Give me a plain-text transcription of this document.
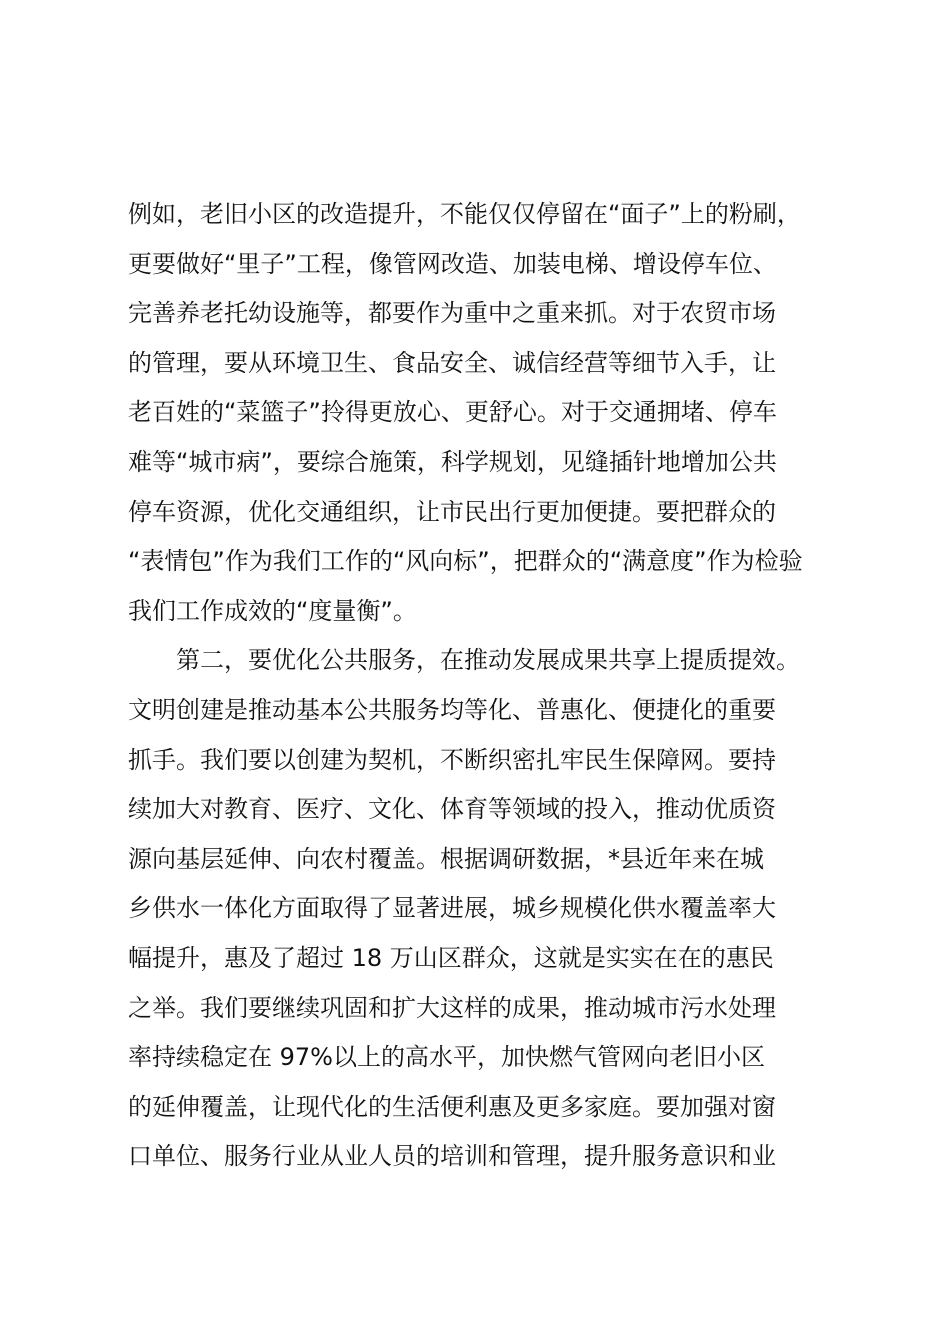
例如，老旧小区的改造提升，不能仅仅停留在“面子”上的粉刷，
更要做好“里子”工程，像管网改造、加装电梯、增设停车位、
完善养老托幼设施等，都要作为重中之重来抓。对于农贸市场
的管理，要从环境卫生、食品安全、诚信经营等细节入手，让
老百姓的“菜篮子”拎得更放心、更舒心。对于交通拥堵、停车
难等“城市病”，要综合施策，科学规划，见缝插针地增加公共
停车资源，优化交通组织，让市民出行更加便捷。要把群众的
“表情包”作为我们工作的“风向标”，把群众的“满意度”作为检验
我们工作成效的“度量衡”。
第二，要优化公共服务，在推动发展成果共享上提质提效。
文明创建是推动基本公共服务均等化、普惠化、便捷化的重要
抓手。我们要以创建为契机，不断织密扎牢民生保障网。要持
续加大对教育、医疗、文化、体育等领域的投入，推动优质资
源向基层延伸、向农村覆盖。根据调研数据，*县近年来在城
乡供水一体化方面取得了显著进展，城乡规模化供水覆盖率大
幅提升，惠及了超过 18 万山区群众，这就是实实在在的惠民
之举。我们要继续巩固和扩大这样的成果，推动城市污水处理
率持续稳定在 97%以上的高水平，加快燃气管网向老旧小区
的延伸覆盖，让现代化的生活便利惠及更多家庭。要加强对窗
口单位、服务行业从业人员的培训和管理，提升服务意识和业
